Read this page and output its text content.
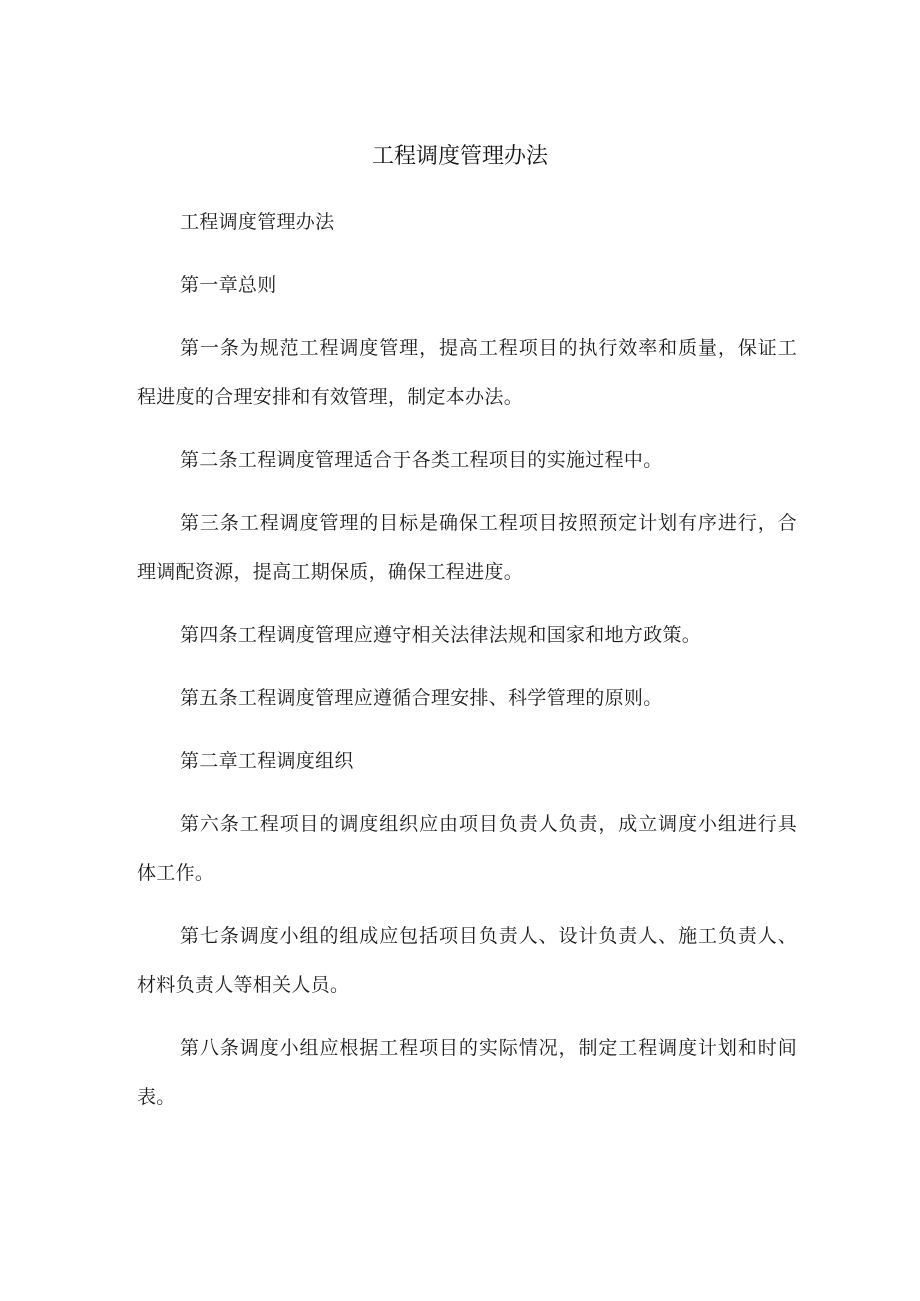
工程调度管理办法

工程调度管理办法

第一章总则

第一条为规范工程调度管理，提高工程项目的执行效率和质量，保证工程进度的合理安排和有效管理，制定本办法。

第二条工程调度管理适合于各类工程项目的实施过程中。

第三条工程调度管理的目标是确保工程项目按照预定计划有序进行，合理调配资源，提高工期保质，确保工程进度。

第四条工程调度管理应遵守相关法律法规和国家和地方政策。

第五条工程调度管理应遵循合理安排、科学管理的原则。

第二章工程调度组织

第六条工程项目的调度组织应由项目负责人负责，成立调度小组进行具体工作。

第七条调度小组的组成应包括项目负责人、设计负责人、施工负责人、材料负责人等相关人员。

第八条调度小组应根据工程项目的实际情况，制定工程调度计划和时间表。
